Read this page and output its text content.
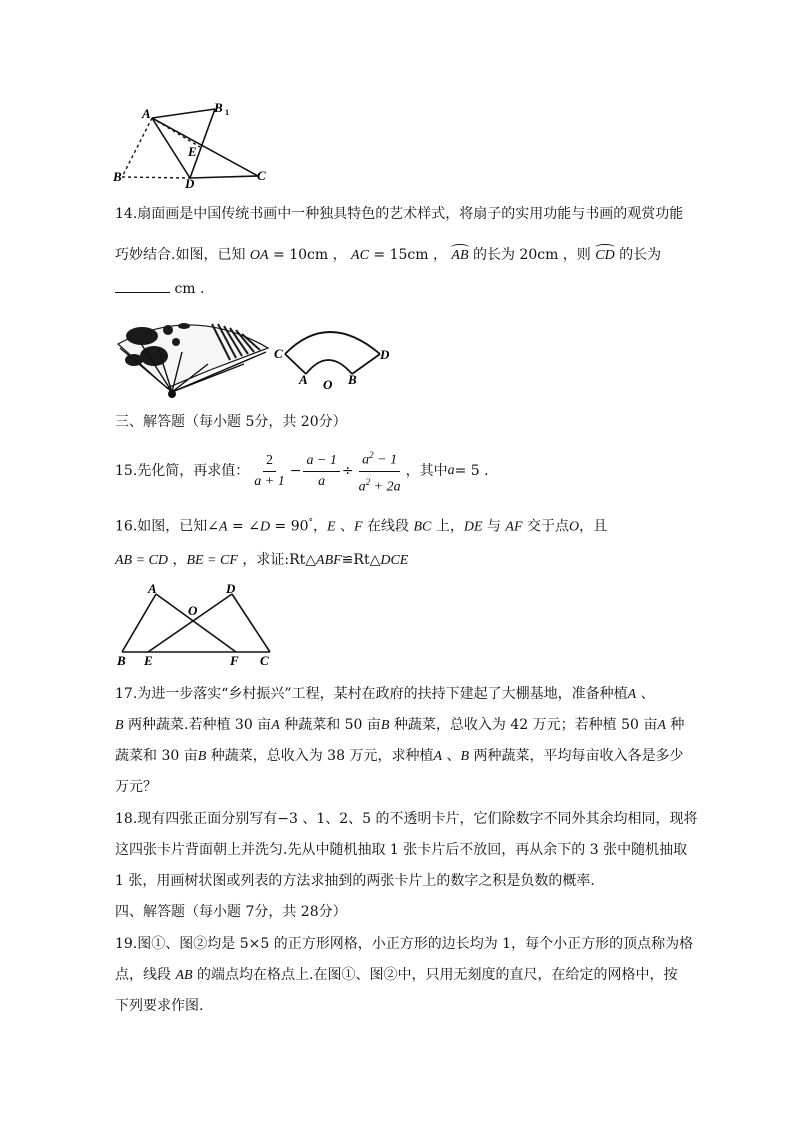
A	B 1
E
B	D
C
14.扇面画是中国传统书画中一种独具特色的艺术样式，将扇子的实用功能与书画的观赏功能
巧妙结合.如图，已知 OA = 10cm ， AC = 15cm ， AB 的长为 20cm ，则 CD 的长为
cm .
C	D
A O B
三、解答题（每小题 5分，共 20分）
15.先化简，再求值： $\frac{2}{a + 1} - \frac{a - 1}{a} \div \frac{a^2 - 1}{a^2 + 2a}$ ，其中 a = 5 .
16.如图，已知∠A = ∠D = 90°，E 、F 在线段 BC 上，DE 与 AF 交于点O，且
AB = CD ，BE = CF ，求证:Rt△ABF≌Rt△DCE
A
O
D
B E	F C
17.为进一步落实“乡村振兴”工程，某村在政府的扶持下建起了大棚基地，准备种植A 、
B 两种蔬菜.若种植 30 亩A 种蔬菜和 50 亩B 种蔬菜，总收入为 42 万元；若种植 50 亩A 种
蔬菜和 30 亩B 种蔬菜，总收入为 38 万元，求种植A 、B 两种蔬菜，平均每亩收入各是多少
万元？
18.现有四张正面分别写有−3 、1、2、5 的不透明卡片，它们除数字不同外其余均相同，现将
这四张卡片背面朝上并洗匀.先从中随机抽取 1 张卡片后不放回，再从余下的 3 张中随机抽取
1 张，用画树状图或列表的方法求抽到的两张卡片上的数字之积是负数的概率.
四、解答题（每小题 7分，共 28分）
19.图①、图②均是 5×5 的正方形网格，小正方形的边长均为 1，每个小正方形的顶点称为格
点，线段 AB 的端点均在格点上.在图①、图②中，只用无刻度的直尺，在给定的网格中，按
下列要求作图.
